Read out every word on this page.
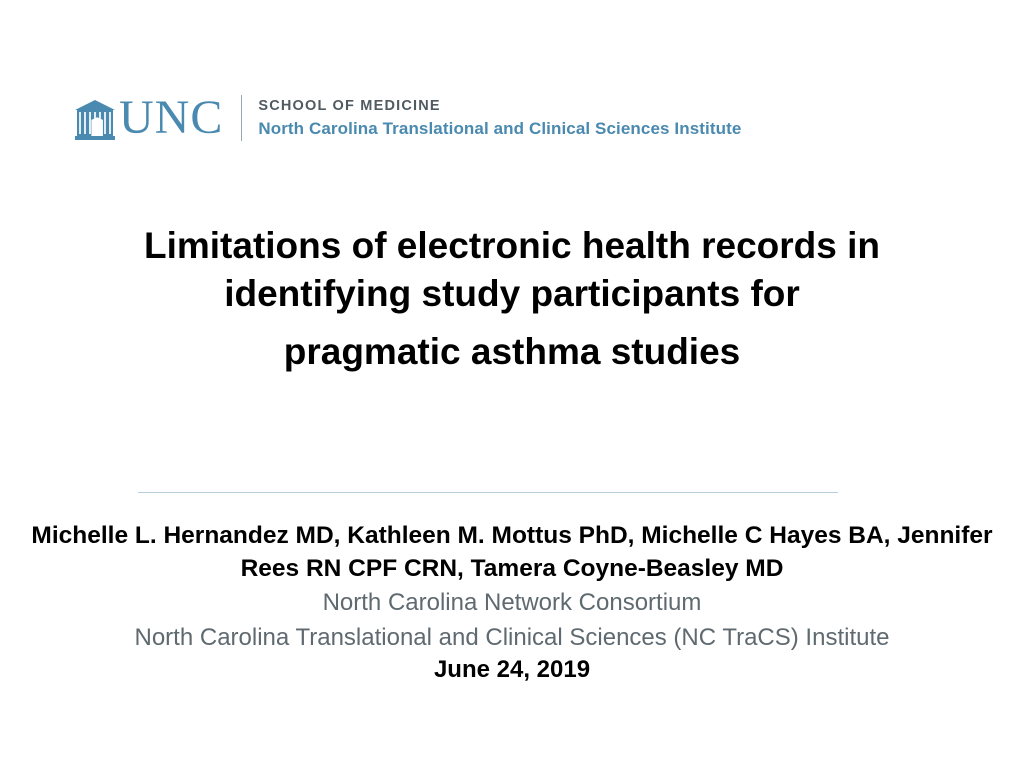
UNC SCHOOL OF MEDICINE
North Carolina Translational and Clinical Sciences Institute
Limitations of electronic health records in identifying study participants for
pragmatic asthma studies
Michelle L. Hernandez MD, Kathleen M. Mottus PhD, Michelle C Hayes BA, Jennifer Rees RN CPF CRN, Tamera Coyne-Beasley MD
North Carolina Network Consortium
North Carolina Translational and Clinical Sciences (NC TraCS) Institute
June 24, 2019
